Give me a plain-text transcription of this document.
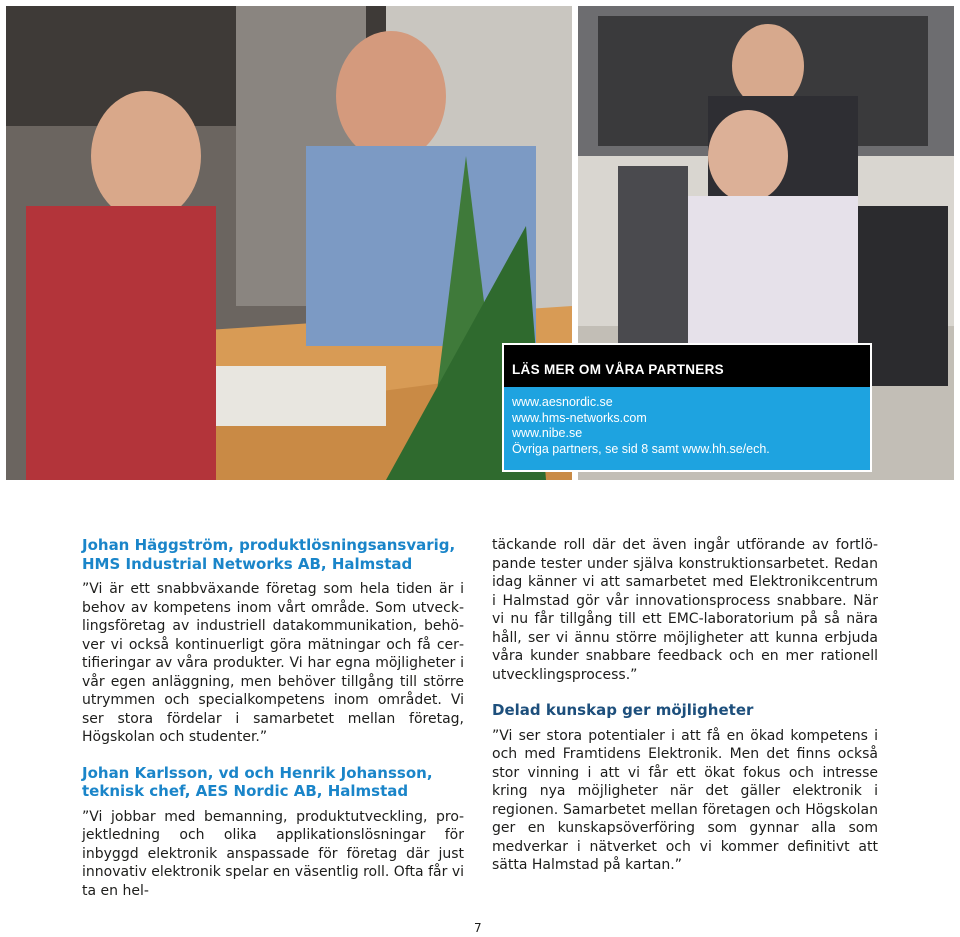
LÄS MER OM VÅRA PARTNERS
www.aesnordic.se
www.hms-networks.com
www.nibe.se
Övriga partners, se sid 8 samt www.hh.se/ech.
Johan Häggström, produktlösningsansvarig,
HMS Industrial Networks AB, Halmstad

”Vi är ett snabbväxande företag som hela tiden är i behov av kompetens inom vårt område. Som utvecklingsföretag av industriell datakommunikation, behöver vi också kontinuerligt göra mätningar och få certifieringar av våra produkter. Vi har egna möjligheter i vår egen anläggning, men behöver tillgång till större utrymmen och specialkompetens inom området. Vi ser stora fördelar i samarbetet mellan företag, Högskolan och studenter.”

Johan Karlsson, vd och Henrik Johansson,
teknisk chef, AES Nordic AB, Halmstad

”Vi jobbar med bemanning, produktutveckling, projektledning och olika applikationslösningar för inbyggd elektronik anspassade för företag där just innovativ elektronik spelar en väsentlig roll. Ofta får vi ta en hel-

täckande roll där det även ingår utförande av fortlöpande tester under själva konstruktionsarbetet. Redan idag känner vi att samarbetet med Elektronikcentrum i Halmstad gör vår innovationsprocess snabbare. När vi nu får tillgång till ett EMC-laboratorium på så nära håll, ser vi ännu större möjligheter att kunna erbjuda våra kunder snabbare feedback och en mer rationell utvecklingsprocess.”

Delad kunskap ger möjligheter

”Vi ser stora potentialer i att få en ökad kompetens i och med Framtidens Elektronik. Men det finns också stor vinning i att vi får ett ökat fokus och intresse kring nya möjligheter när det gäller elektronik i regionen. Samarbetet mellan företagen och Högskolan ger en kunskapsöverföring som gynnar alla som medverkar i nätverket och vi kommer definitivt att sätta Halmstad på kartan.”

7
